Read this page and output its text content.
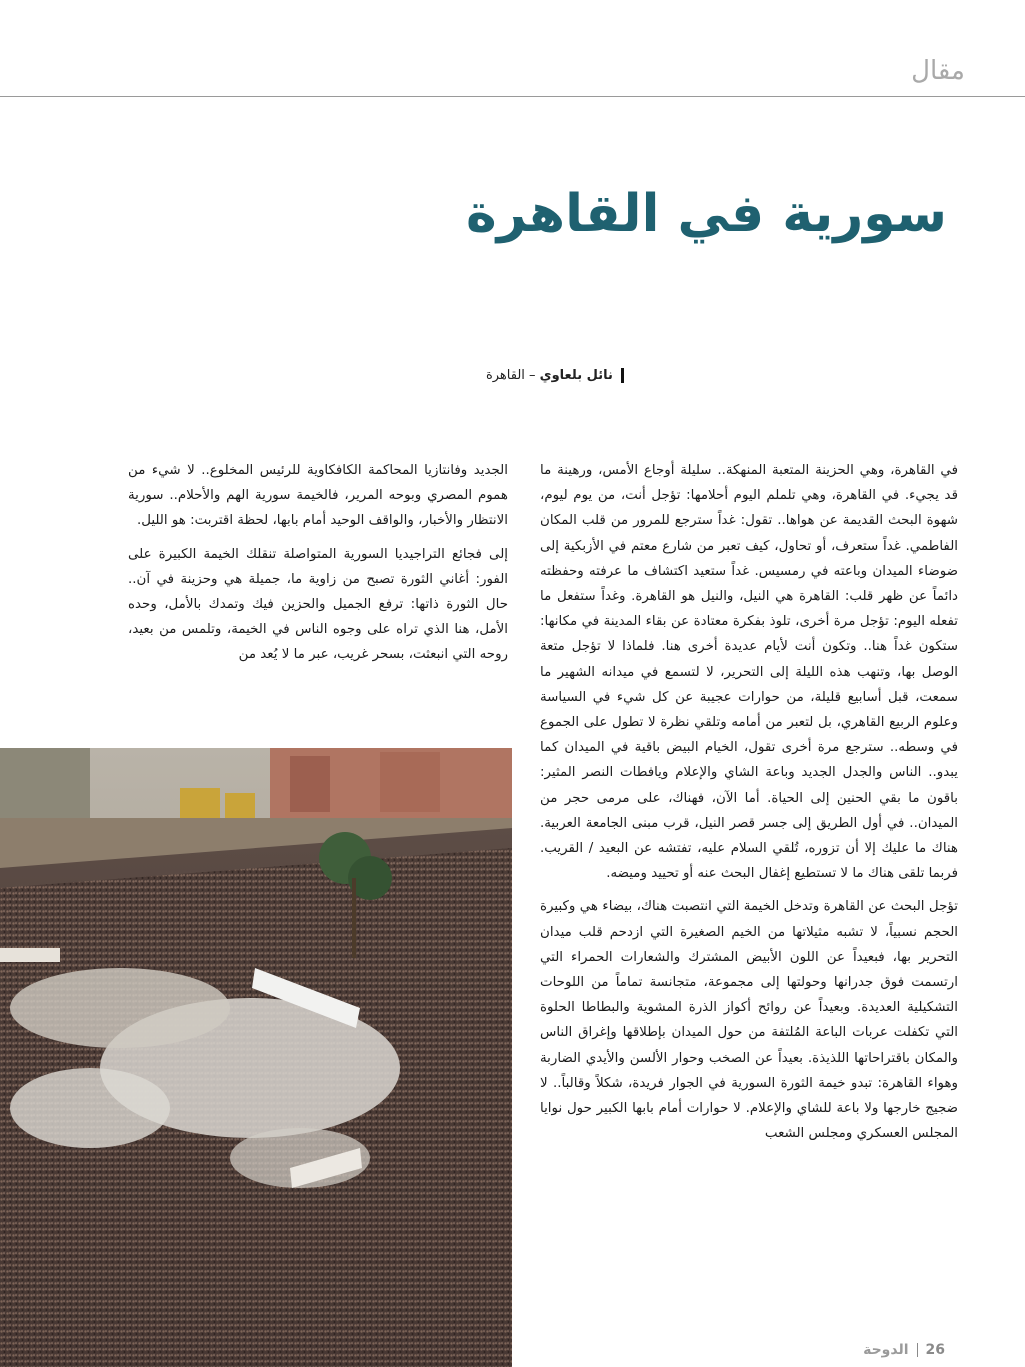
مقال
سورية في القاهرة
نائل بلعاوي – القاهرة

في القاهرة، وهي الحزينة المتعبة المنهكة.. سليلة أوجاع الأمس، ورهينة ما قد يجيء. في القاهرة، وهي تلملم اليوم أحلامها: تؤجل أنت، من يوم ليوم، شهوة البحث القديمة عن هواها.. تقول: غداً سترجع للمرور من قلب المكان الفاطمي. غداً ستعرف، أو تحاول، كيف تعبر من شارع معتم في الأزبكية إلى ضوضاء الميدان وباعته في رمسيس. غداً ستعيد اكتشاف ما عرفته وحفظته دائماً عن ظهر قلب: القاهرة هي النيل، والنيل هو القاهرة. وغداً ستفعل ما تفعله اليوم: تؤجل مرة أخرى، تلوذ بفكرة معتادة عن بقاء المدينة في مكانها: ستكون غداً هنا.. وتكون أنت لأيام عديدة أخرى هنا. فلماذا لا تؤجل متعة الوصل بها، وتنهب هذه الليلة إلى التحرير، لا لتسمع في ميدانه الشهير ما سمعت، قبل أسابيع قليلة، من حوارات عجيبة عن كل شيء في السياسة وعلوم الربيع القاهري، بل لتعبر من أمامه وتلقي نظرة لا تطول على الجموع في وسطه.. سترجع مرة أخرى تقول، الخيام البيض باقية في الميدان كما يبدو.. الناس والجدل الجديد وباعة الشاي والإعلام ويافطات النصر المثير: باقون ما بقي الحنين إلى الحياة. أما الآن، فهناك، على مرمى حجر من الميدان.. في أول الطريق إلى جسر قصر النيل، قرب مبنى الجامعة العربية. هناك ما عليك إلا أن تزوره، تُلقي السلام عليه، تفتشه عن البعيد / القريب. فربما تلقى هناك ما لا تستطيع إغفال البحث عنه أو تحييد وميضه.

تؤجل البحث عن القاهرة وتدخل الخيمة التي انتصبت هناك، بيضاء هي وكبيرة الحجم نسبياً، لا تشبه مثيلاتها من الخيم الصغيرة التي ازدحم قلب ميدان التحرير بها، فبعيداً عن اللون الأبيض المشترك والشعارات الحمراء التي ارتسمت فوق جدرانها وحولتها إلى مجموعة، متجانسة تماماً من اللوحات التشكيلية العديدة. وبعيداً عن روائح أكواز الذرة المشوية والبطاطا الحلوة التي تكفلت عربات الباعة المُلتفة من حول الميدان بإطلاقها وإغراق الناس والمكان باقتراحاتها اللذيذة. بعيداً عن الصخب وحوار الألسن والأيدي الضاربة وهواء القاهرة: تبدو خيمة الثورة السورية في الجوار فريدة، شكلاً وقالباً.. لا ضجيج خارجها ولا باعة للشاي والإعلام. لا حوارات أمام بابها الكبير حول نوايا المجلس العسكري ومجلس الشعب

الجديد وفانتازيا المحاكمة الكافكاوية للرئيس المخلوع.. لا شيء من هموم المصري وبوحه المرير، فالخيمة سورية الهم والأحلام.. سورية الانتظار والأخبار، والواقف الوحيد أمام بابها، لحظة اقتربت: هو الليل.

إلى فجائع التراجيديا السورية المتواصلة تنقلك الخيمة الكبيرة على الفور: أغاني الثورة تصبح من زاوية ما، جميلة هي وحزينة في آن.. حال الثورة ذاتها: ترفع الجميل والحزين فيك وتمدك بالأمل، وحده الأمل، هنا الذي تراه على وجوه الناس في الخيمة، وتلمس من بعيد، روحه التي انبعثت، بسحر غريب، عبر ما لا يُعد من

الدوحة 26
